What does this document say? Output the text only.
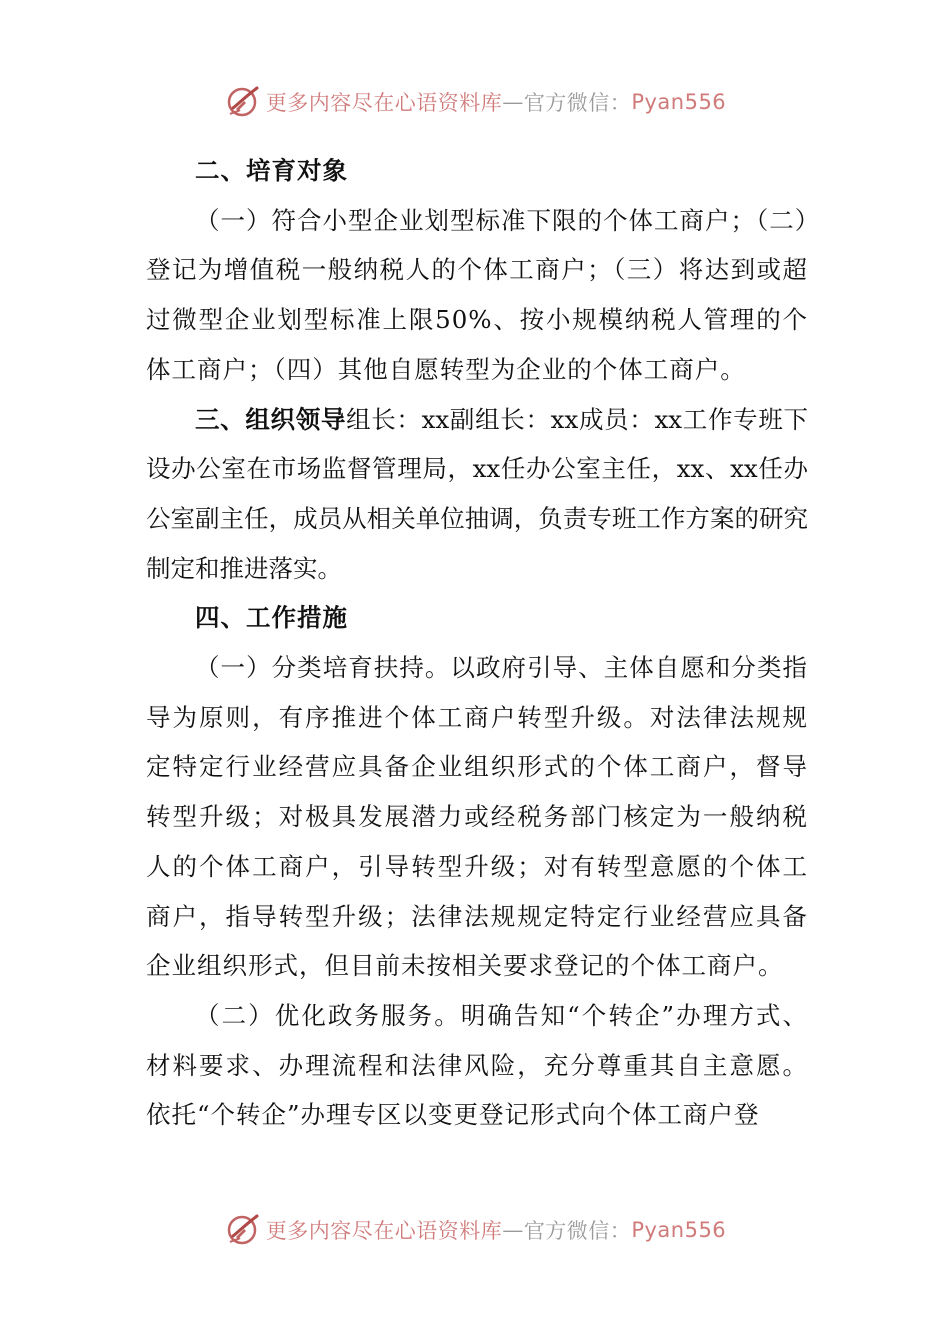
更多内容尽在心语资料库 — 官方微信： Pyan556

二、培育对象

（一）符合小型企业划型标准下限的个体工商户；（二）登记为增值税一般纳税人的个体工商户；（三）将达到或超过微型企业划型标准上限50%、按小规模纳税人管理的个体工商户；（四）其他自愿转型为企业的个体工商户。

三、组织领导组长：xx副组长：xx成员：xx工作专班下设办公室在市场监督管理局，xx任办公室主任，xx、xx任办公室副主任，成员从相关单位抽调，负责专班工作方案的研究制定和推进落实。

四、工作措施

（一）分类培育扶持。以政府引导、主体自愿和分类指导为原则，有序推进个体工商户转型升级。对法律法规规定特定行业经营应具备企业组织形式的个体工商户，督导转型升级；对极具发展潜力或经税务部门核定为一般纳税人的个体工商户，引导转型升级；对有转型意愿的个体工商户，指导转型升级；法律法规规定特定行业经营应具备企业组织形式，但目前未按相关要求登记的个体工商户。

（二）优化政务服务。明确告知“个转企”办理方式、材料要求、办理流程和法律风险，充分尊重其自主意愿。依托“个转企”办理专区以变更登记形式向个体工商户登

更多内容尽在心语资料库 — 官方微信： Pyan556
